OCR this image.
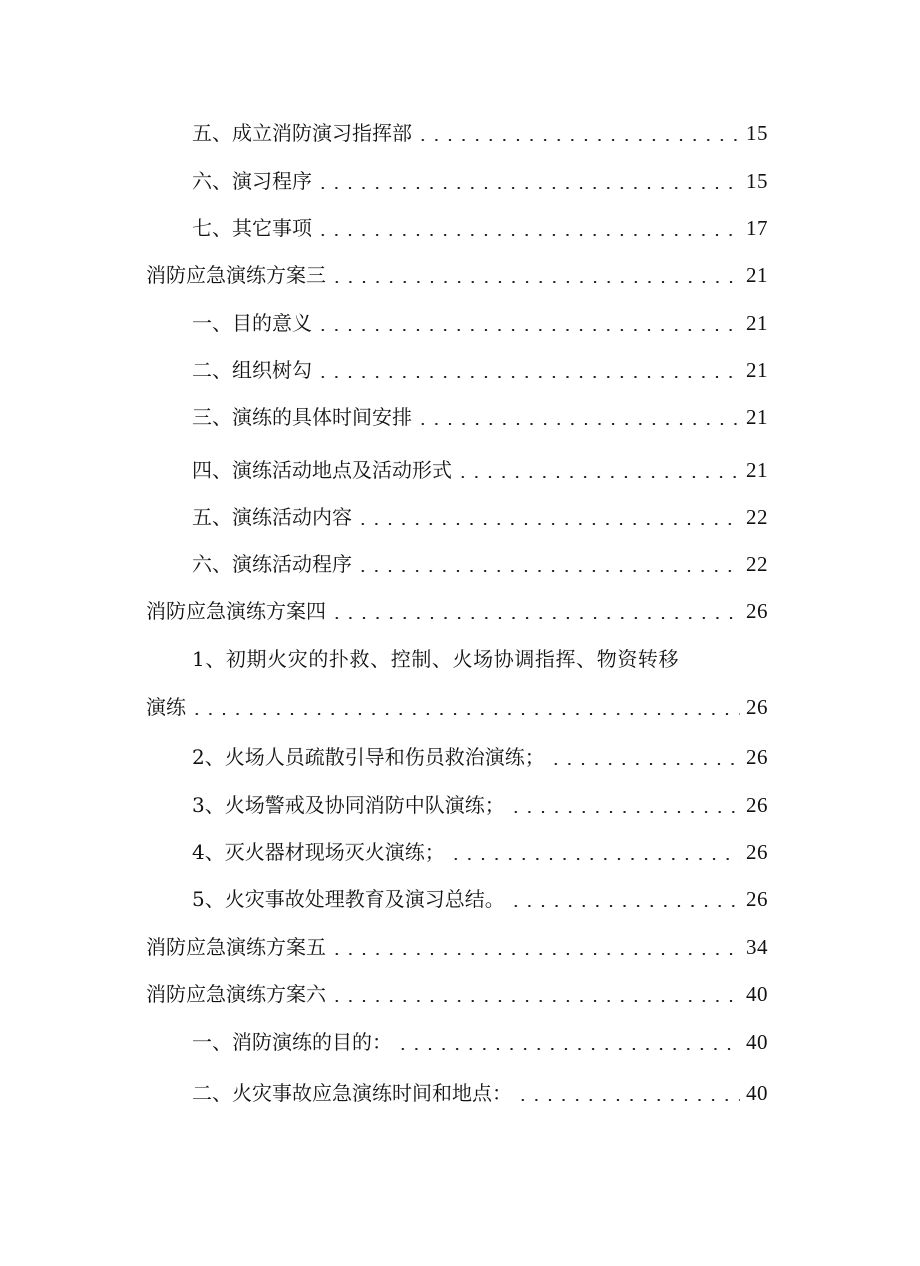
五、成立消防演习指挥部	15
六、演习程序	15
七、其它事项	17
消防应急演练方案三	21
一、目的意义	21
二、组织树勾	21
三、演练的具体时间安排	21
四、演练活动地点及活动形式	21
五、演练活动内容	22
六、演练活动程序	22
消防应急演练方案四	26
1、初期火灾的扑救、控制、火场协调指挥、物资转移
演练	26
2、火场人员疏散引导和伤员救治演练；	26
3、火场警戒及协同消防中队演练；	26
4、灭火器材现场灭火演练；	26
5、火灾事故处理教育及演习总结。	26
消防应急演练方案五	34
消防应急演练方案六	40
一、消防演练的目的：	40
二、火灾事故应急演练时间和地点：	40
